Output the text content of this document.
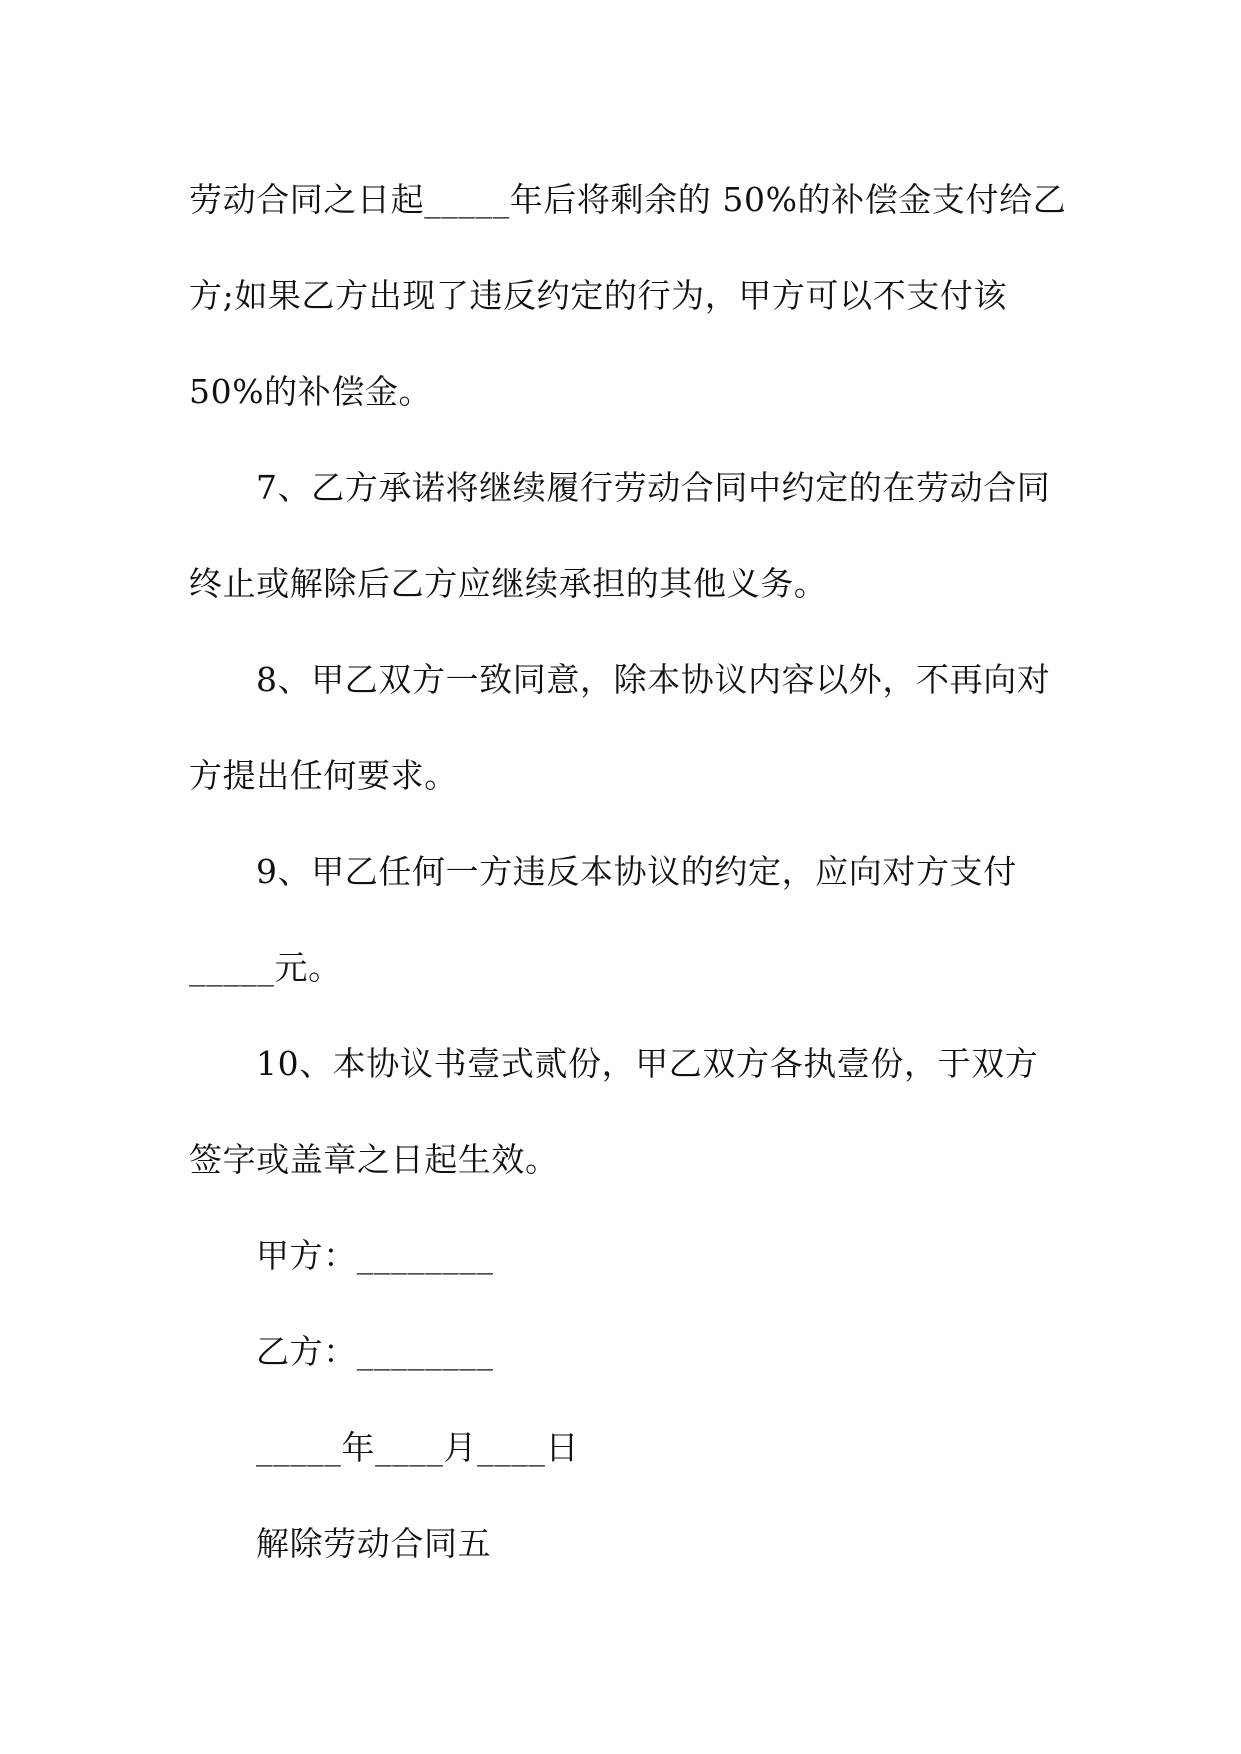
劳动合同之日起_____年后将剩余的 50%的补偿金支付给乙
方;如果乙方出现了违反约定的行为，甲方可以不支付该
50%的补偿金。
7、乙方承诺将继续履行劳动合同中约定的在劳动合同
终止或解除后乙方应继续承担的其他义务。
8、甲乙双方一致同意，除本协议内容以外，不再向对
方提出任何要求。
9、甲乙任何一方违反本协议的约定，应向对方支付
_____元。
10、本协议书壹式贰份，甲乙双方各执壹份，于双方
签字或盖章之日起生效。
甲方：________
乙方：________
_____年____月____日
解除劳动合同五
